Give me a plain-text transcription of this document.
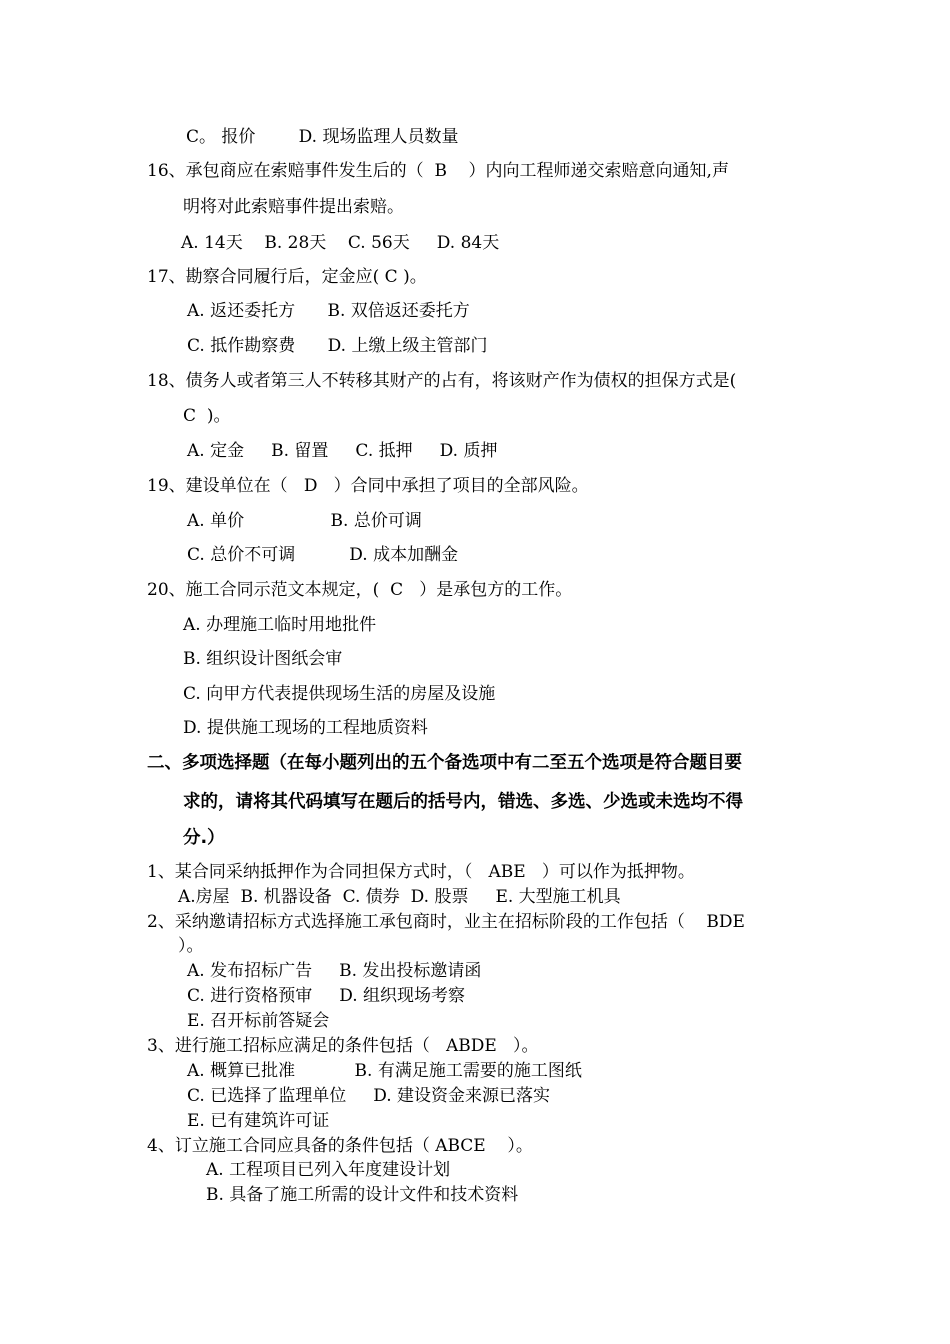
C。 报价        D. 现场监理人员数量
16、承包商应在索赔事件发生后的（  B    ）内向工程师递交索赔意向通知,声
明将对此索赔事件提出索赔。
A. 14天    B. 28天    C. 56天     D. 84天
17、勘察合同履行后，定金应( C )。
A. 返还委托方      B. 双倍返还委托方
C. 抵作勘察费      D. 上缴上级主管部门
18、债务人或者第三人不转移其财产的占有，将该财产作为债权的担保方式是(
C  )。
A. 定金     B. 留置     C. 抵押     D. 质押
19、建设单位在（   D   ）合同中承担了项目的全部风险。
A. 单价                B. 总价可调
C. 总价不可调          D. 成本加酬金
20、施工合同示范文本规定，(  C   ）是承包方的工作。
A. 办理施工临时用地批件
B. 组织设计图纸会审
C. 向甲方代表提供现场生活的房屋及设施
D. 提供施工现场的工程地质资料
二、多项选择题（在每小题列出的五个备选项中有二至五个选项是符合题目要
求的，请将其代码填写在题后的括号内，错选、多选、少选或未选均不得
分.）
1、某合同采纳抵押作为合同担保方式时，（   ABE   ）可以作为抵押物。
A.房屋  B. 机器设备  C. 债券  D. 股票     E. 大型施工机具
2、采纳邀请招标方式选择施工承包商时，业主在招标阶段的工作包括（    BDE
）。
A. 发布招标广告     B. 发出投标邀请函
C. 进行资格预审     D. 组织现场考察
E. 召开标前答疑会
3、进行施工招标应满足的条件包括（   ABDE   ）。
A. 概算已批准           B. 有满足施工需要的施工图纸
C. 已选择了监理单位     D. 建设资金来源已落实
E. 已有建筑许可证
4、订立施工合同应具备的条件包括（ ABCE    ）。
A. 工程项目已列入年度建设计划
B. 具备了施工所需的设计文件和技术资料
